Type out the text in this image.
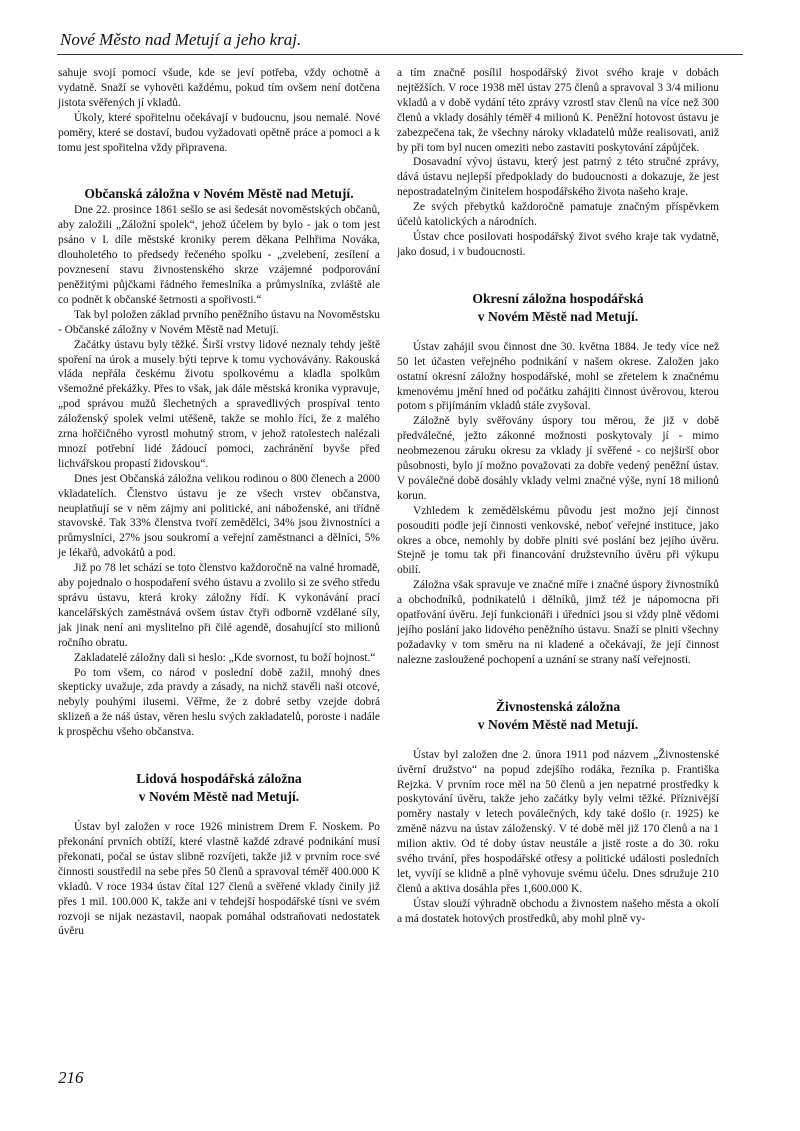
Nové Město nad Metují a jeho kraj.

sahuje svojí pomocí všude, kde se jeví potřeba, vždy ochotně a vydatně. Snaží se vyhověti každému, pokud tím ovšem není dotčena jistota svěřených jí vkladů.

Úkoly, které spořitelnu očekávají v budoucnu, jsou nemalé. Nové poměry, které se dostaví, budou vyžadovati opětně práce a pomoci a k tomu jest spořitelna vždy připravena.

Občanská záložna v Novém Městě nad Metují.

Dne 22. prosince 1861 sešlo se asi šedesát novoměstských občanů, aby založili „Záložní spolek“, jehož účelem by bylo - jak o tom jest psáno v I. díle městské kroniky perem děkana Pelhřima Nováka, dlouholetého to předsedy řečeného spolku - „zvelebení, zesílení a povznesení stavu živnostenského skrze vzájemné podporování peněžitými půjčkami řádného řemeslníka a průmyslníka, zvláště ale co podnět k občanské šetrnosti a spořivosti.“

Tak byl položen základ prvního peněžního ústavu na Novoměstsku - Občanské záložny v Novém Městě nad Metují.

Začátky ústavu byly těžké. Širší vrstvy lidové neznaly tehdy ještě spoření na úrok a musely býti teprve k tomu vychovávány. Rakouská vláda nepřála českému životu spolkovému a kladla spolkům všemožné překážky. Přes to však, jak dále městská kronika vypravuje, „pod správou mužů šlechetných a spravedlivých prospíval tento záloženský spolek velmi utěšeně, takže se mohlo říci, že z malého zrna hořčičného vyrostl mohutný strom, v jehož ratolestech nalézali mnozí potřební lidé žádoucí pomoci, zachránění byvše před lichvářskou propastí židovskou“.

Dnes jest Občanská záložna velikou rodinou o 800 členech a 2000 vkladatelích. Členstvo ústavu je ze všech vrstev občanstva, neuplatňují se v něm zájmy ani politické, ani náboženské, ani třídně stavovské. Tak 33% členstva tvoří zemědělci, 34% jsou živnostníci a průmyslníci, 27% jsou soukromí a veřejní zaměstnanci a dělníci, 5% je lékařů, advokátů a pod.

Již po 78 let schází se toto členstvo každoročně na valné hromadě, aby pojednalo o hospodaření svého ústavu a zvolilo si ze svého středu správu ústavu, která kroky záložny řídí. K vykonávání prací kancelářských zaměstnává ovšem ústav čtyři odborně vzdělané síly, jak jinak není ani myslitelno při čilé agendě, dosahující sto milionů ročního obratu.

Zakladatelé záložny dali si heslo: „Kde svornost, tu boží hojnost.“

Po tom všem, co národ v poslední době zažil, mnohý dnes skepticky uvažuje, zda pravdy a zásady, na nichž stavěli naši otcové, nebyly pouhými ilusemi. Věřme, že z dobré setby vzejde dobrá sklizeň a že náš ústav, věren heslu svých zakladatelů, poroste i nadále k prospěchu všeho občanstva.

Lidová hospodářská záložna
v Novém Městě nad Metují.

Ústav byl založen v roce 1926 ministrem Drem F. Noskem. Po překonání prvních obtíží, které vlastně každé zdravé podnikání musí překonati, počal se ústav slibně rozvíjeti, takže již v prvním roce své činnosti soustředil na sebe přes 50 členů a spravoval téměř 400.000 K vkladů. V roce 1934 ústav čítal 127 členů a svěřené vklady činily již přes 1 mil. 100.000 K, takže ani v tehdejší hospodářské tísni ve svém rozvoji se nijak nezastavil, naopak pomáhal odstraňovati nedostatek úvěru

a tím značně posílil hospodářský život svého kraje v dobách nejtěžších. V roce 1938 měl ústav 275 členů a spravoval 3 3/4 milionu vkladů a v době vydání této zprávy vzrostl stav členů na více než 300 členů a vklady dosáhly téměř 4 milionů K. Peněžní hotovost ústavu je zabezpečena tak, že všechny nároky vkladatelů může realisovati, aniž by při tom byl nucen omeziti nebo zastaviti poskytování zápůjček.

Dosavadní vývoj ústavu, který jest patrný z této stručné zprávy, dává ústavu nejlepší předpoklady do budoucnosti a dokazuje, že jest nepostradatelným činitelem hospodářského života našeho kraje.

Ze svých přebytků každoročně pamatuje značným příspěvkem účelů katolických a národních.

Ústav chce posilovati hospodářský život svého kraje tak vydatně, jako dosud, i v budoucnosti.

Okresní záložna hospodářská
v Novém Městě nad Metují.

Ústav zahájil svou činnost dne 30. května 1884. Je tedy více než 50 let účasten veřejného podnikání v našem okrese. Založen jako ostatní okresní záložny hospodářské, mohl se zřetelem k značnému kmenovému jmění hned od počátku zahájiti činnost úvěrovou, kterou potom s přijímáním vkladů stále zvyšoval.

Záložně byly svěřovány úspory tou měrou, že již v době předválečné, ježto zákonné možnosti poskytovaly jí - mimo neobmezenou záruku okresu za vklady jí svěřené - co nejširší obor působnosti, bylo jí možno považovati za dobře vedený peněžní ústav. V poválečné době dosáhly vklady velmi značné výše, nyní 18 milionů korun.

Vzhledem k zemědělskému původu jest možno její činnost posouditi podle její činnosti venkovské, neboť veřejné instituce, jako okres a obce, nemohly by dobře plniti své poslání bez jejího úvěru. Stejně je tomu tak při financování družstevního úvěru při výkupu obilí.

Záložna však spravuje ve značné míře i značné úspory živnostníků a obchodníků, podnikatelů i dělníků, jimž též je nápomocna při opatřování úvěru. Její funkcionáři i úředníci jsou si vždy plně vědomi jejího poslání jako lidového peněžního ústavu. Snaží se plniti všechny požadavky v tom směru na ni kladené a očekávají, že její činnost nalezne zasloužené pochopení a uznání se strany naší veřejnosti.

Živnostenská záložna
v Novém Městě nad Metují.

Ústav byl založen dne 2. února 1911 pod názvem „Živnostenské úvěrní družstvo“ na popud zdejšího rodáka, řezníka p. Františka Rejzka. V prvním roce měl na 50 členů a jen nepatrné prostředky k poskytování úvěru, takže jeho začátky byly velmi těžké. Příznivější poměry nastaly v letech poválečných, kdy také došlo (r. 1925) ke změně názvu na ústav záloženský. V té době měl již 170 členů a na 1 milion aktiv. Od té doby ústav neustále a jistě roste a do 30. roku svého trvání, přes hospodářské otřesy a politické události posledních let, vyvíjí se klidně a plně vyhovuje svému účelu. Dnes sdružuje 210 členů a aktiva dosáhla přes 1,600.000 K.

Ústav slouží výhradně obchodu a živnostem našeho města a okolí a má dostatek hotových prostředků, aby mohl plně vy-

216
